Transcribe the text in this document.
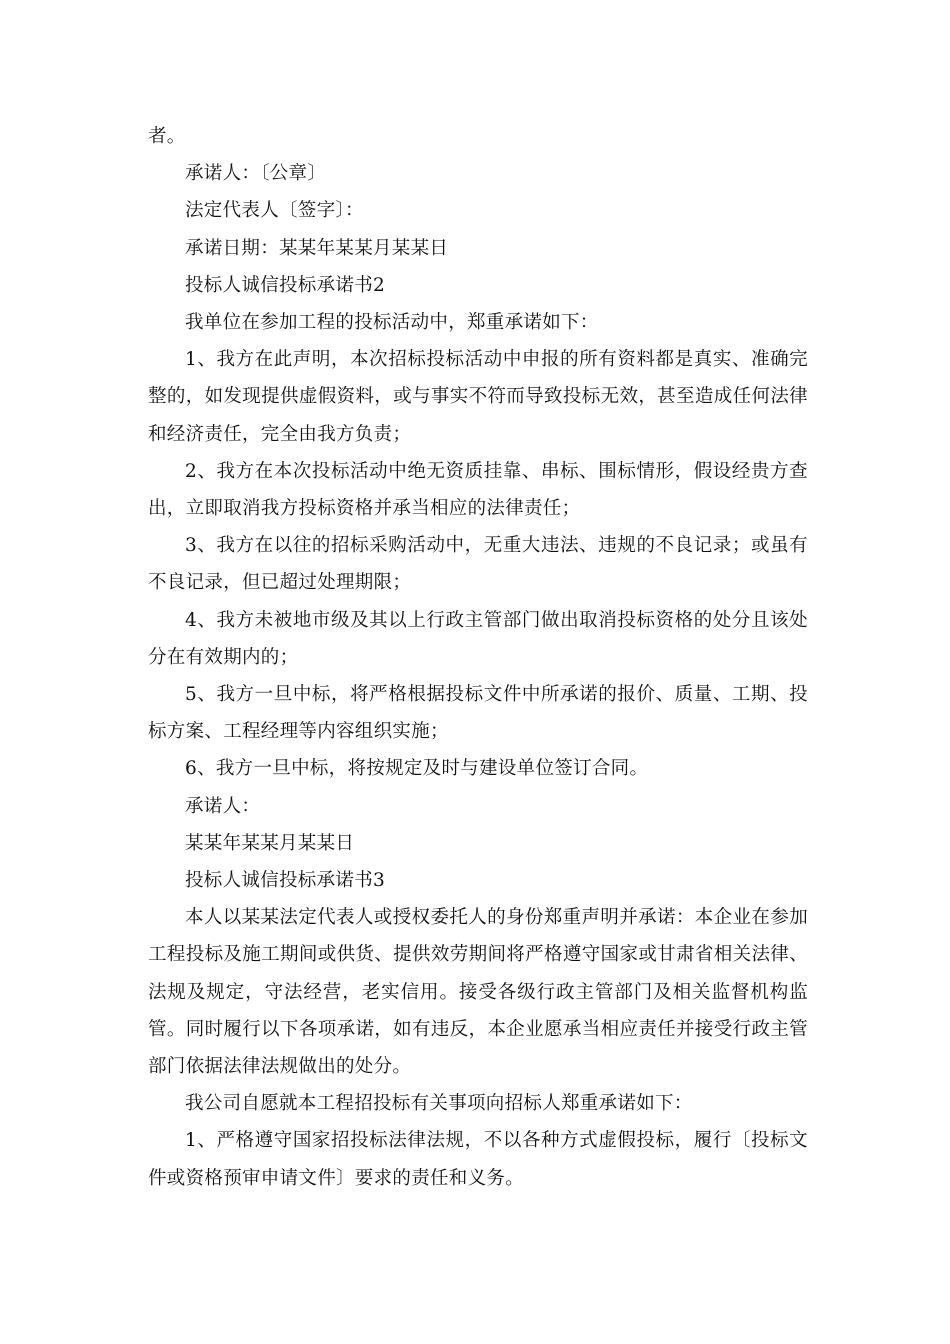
者。

承诺人：〔公章〕

法定代表人〔签字〕：

承诺日期：某某年某某月某某日

投标人诚信投标承诺书2

我单位在参加工程的投标活动中，郑重承诺如下：

1、我方在此声明，本次招标投标活动中申报的所有资料都是真实、准确完整的，如发现提供虚假资料，或与事实不符而导致投标无效，甚至造成任何法律和经济责任，完全由我方负责；

2、我方在本次投标活动中绝无资质挂靠、串标、围标情形，假设经贵方查出，立即取消我方投标资格并承当相应的法律责任；

3、我方在以往的招标采购活动中，无重大违法、违规的不良记录；或虽有不良记录，但已超过处理期限；

4、我方未被地市级及其以上行政主管部门做出取消投标资格的处分且该处分在有效期内的；

5、我方一旦中标，将严格根据投标文件中所承诺的报价、质量、工期、投标方案、工程经理等内容组织实施；

6、我方一旦中标，将按规定及时与建设单位签订合同。

承诺人：

某某年某某月某某日

投标人诚信投标承诺书3

本人以某某法定代表人或授权委托人的身份郑重声明并承诺：本企业在参加工程投标及施工期间或供货、提供效劳期间将严格遵守国家或甘肃省相关法律、法规及规定，守法经营，老实信用。接受各级行政主管部门及相关监督机构监管。同时履行以下各项承诺，如有违反，本企业愿承当相应责任并接受行政主管部门依据法律法规做出的处分。

我公司自愿就本工程招投标有关事项向招标人郑重承诺如下：

1、严格遵守国家招投标法律法规，不以各种方式虚假投标，履行〔投标文件或资格预审申请文件〕要求的责任和义务。
